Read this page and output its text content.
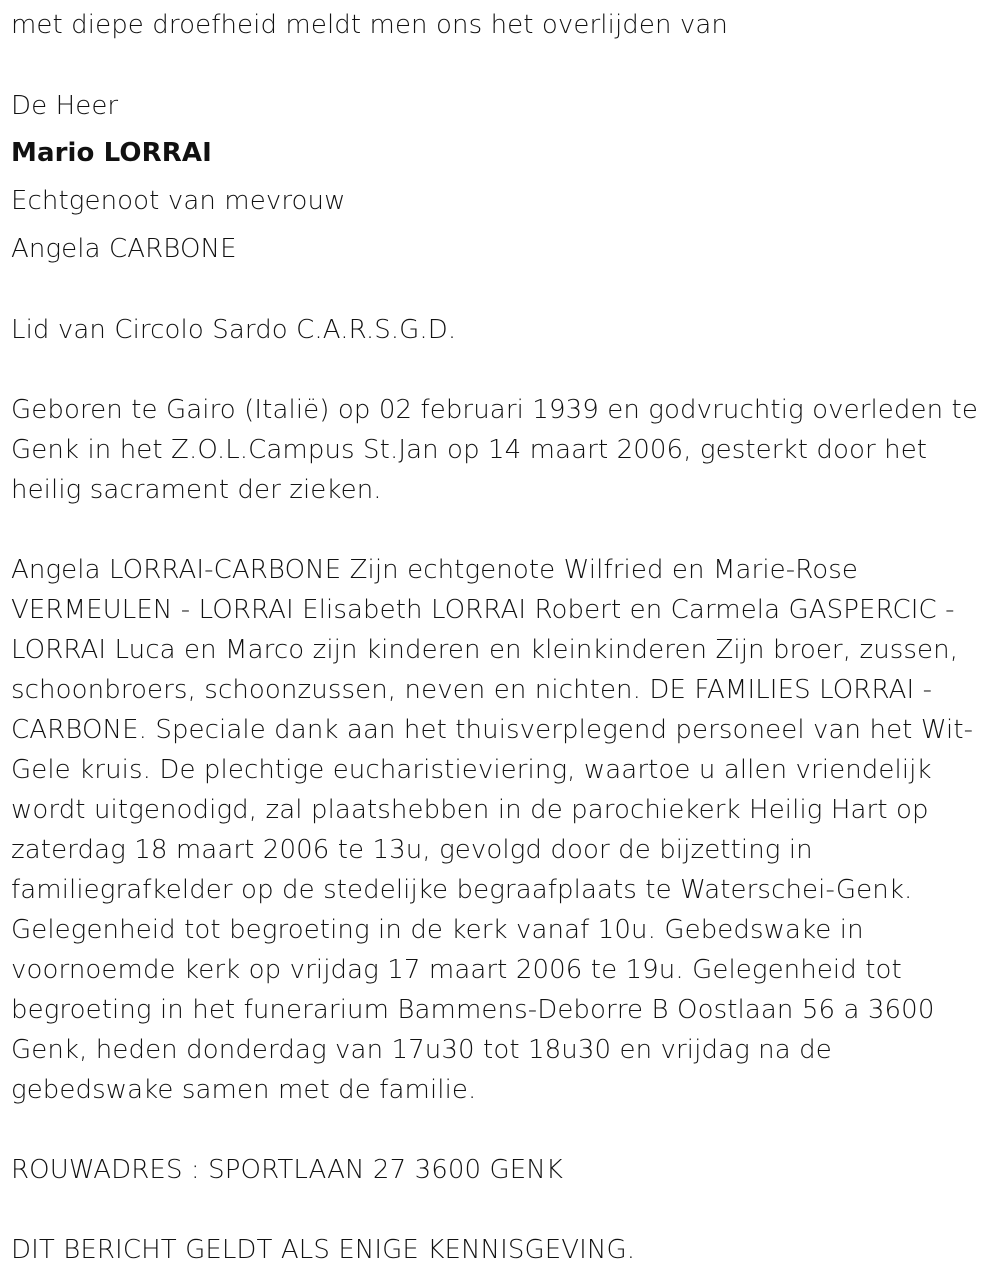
met diepe droefheid meldt men ons het overlijden van
De Heer
Mario LORRAI
Echtgenoot van mevrouw
Angela CARBONE
Lid van Circolo Sardo C.A.R.S.G.D.

Geboren te Gairo (Italië) op 02 februari 1939 en godvruchtig overleden te Genk in het Z.O.L.Campus St.Jan op 14 maart 2006, gesterkt door het heilig sacrament der zieken.

Angela LORRAI-CARBONE Zijn echtgenote Wilfried en Marie-Rose VERMEULEN - LORRAI Elisabeth LORRAI Robert en Carmela GASPERCIC - LORRAI Luca en Marco zijn kinderen en kleinkinderen Zijn broer, zussen, schoonbroers, schoonzussen, neven en nichten. DE FAMILIES LORRAI - CARBONE. Speciale dank aan het thuisverplegend personeel van het Wit-Gele kruis. De plechtige eucharistieviering, waartoe u allen vriendelijk wordt uitgenodigd, zal plaatshebben in de parochiekerk Heilig Hart op zaterdag 18 maart 2006 te 13u, gevolgd door de bijzetting in familiegrafkelder op de stedelijke begraafplaats te Waterschei-Genk. Gelegenheid tot begroeting in de kerk vanaf 10u. Gebedswake in voornoemde kerk op vrijdag 17 maart 2006 te 19u. Gelegenheid tot begroeting in het funerarium Bammens-Deborre B Oostlaan 56 a 3600 Genk, heden donderdag van 17u30 tot 18u30 en vrijdag na de gebedswake samen met de familie.

ROUWADRES : SPORTLAAN 27 3600 GENK
DIT BERICHT GELDT ALS ENIGE KENNISGEVING.
